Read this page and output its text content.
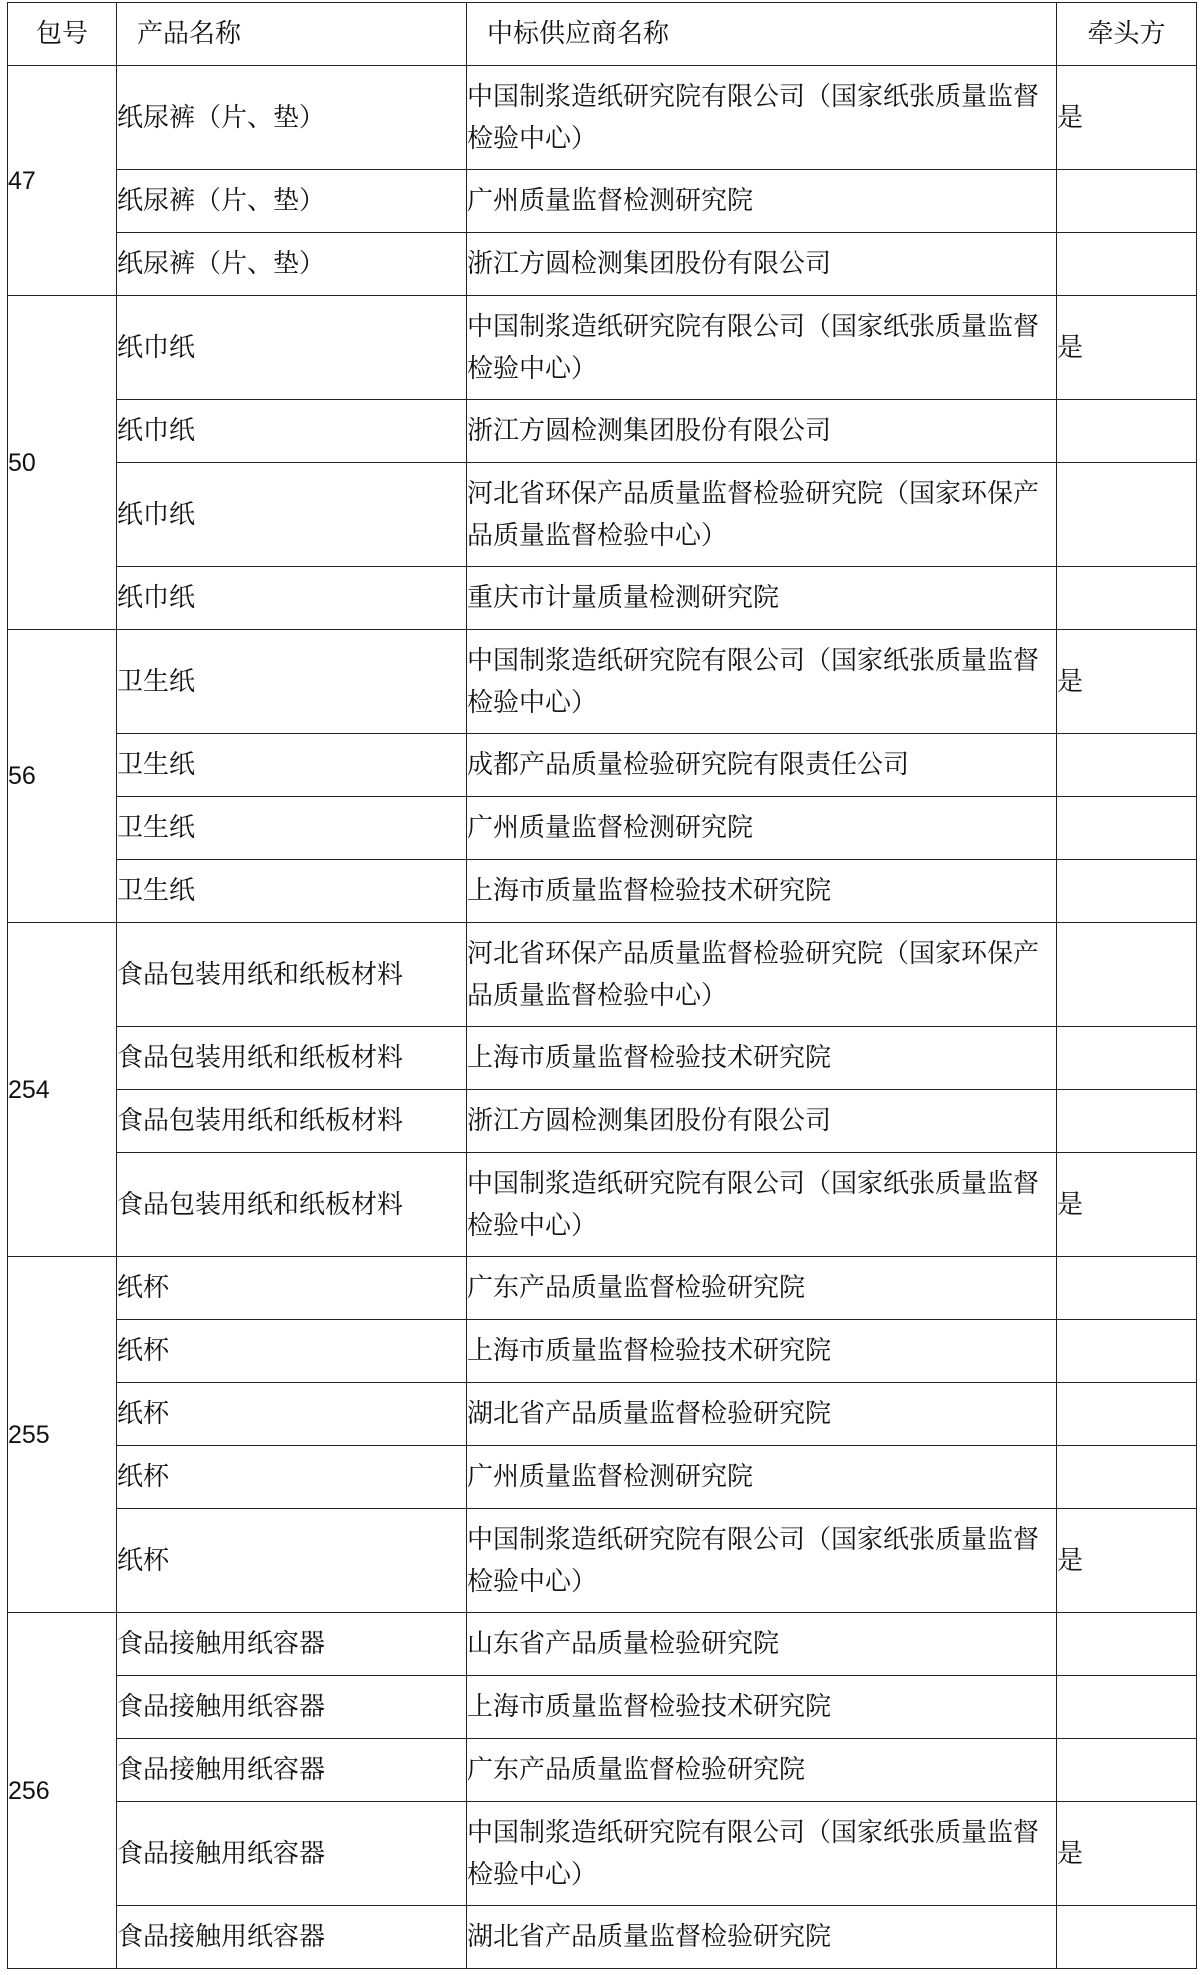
包号	产品名称	中标供应商名称	牵头方
47	纸尿裤（片、垫）	中国制浆造纸研究院有限公司（国家纸张质量监督检验中心）	是
	纸尿裤（片、垫）	广州质量监督检测研究院	
	纸尿裤（片、垫）	浙江方圆检测集团股份有限公司	
50	纸巾纸	中国制浆造纸研究院有限公司（国家纸张质量监督检验中心）	是
	纸巾纸	浙江方圆检测集团股份有限公司	
	纸巾纸	河北省环保产品质量监督检验研究院（国家环保产品质量监督检验中心）	
	纸巾纸	重庆市计量质量检测研究院	
56	卫生纸	中国制浆造纸研究院有限公司（国家纸张质量监督检验中心）	是
	卫生纸	成都产品质量检验研究院有限责任公司	
	卫生纸	广州质量监督检测研究院	
	卫生纸	上海市质量监督检验技术研究院	
254	食品包装用纸和纸板材料	河北省环保产品质量监督检验研究院（国家环保产品质量监督检验中心）	
	食品包装用纸和纸板材料	上海市质量监督检验技术研究院	
	食品包装用纸和纸板材料	浙江方圆检测集团股份有限公司	
	食品包装用纸和纸板材料	中国制浆造纸研究院有限公司（国家纸张质量监督检验中心）	是
255	纸杯	广东产品质量监督检验研究院	
	纸杯	上海市质量监督检验技术研究院	
	纸杯	湖北省产品质量监督检验研究院	
	纸杯	广州质量监督检测研究院	
	纸杯	中国制浆造纸研究院有限公司（国家纸张质量监督检验中心）	是
256	食品接触用纸容器	山东省产品质量检验研究院	
	食品接触用纸容器	上海市质量监督检验技术研究院	
	食品接触用纸容器	广东产品质量监督检验研究院	
	食品接触用纸容器	中国制浆造纸研究院有限公司（国家纸张质量监督检验中心）	是
	食品接触用纸容器	湖北省产品质量监督检验研究院	
